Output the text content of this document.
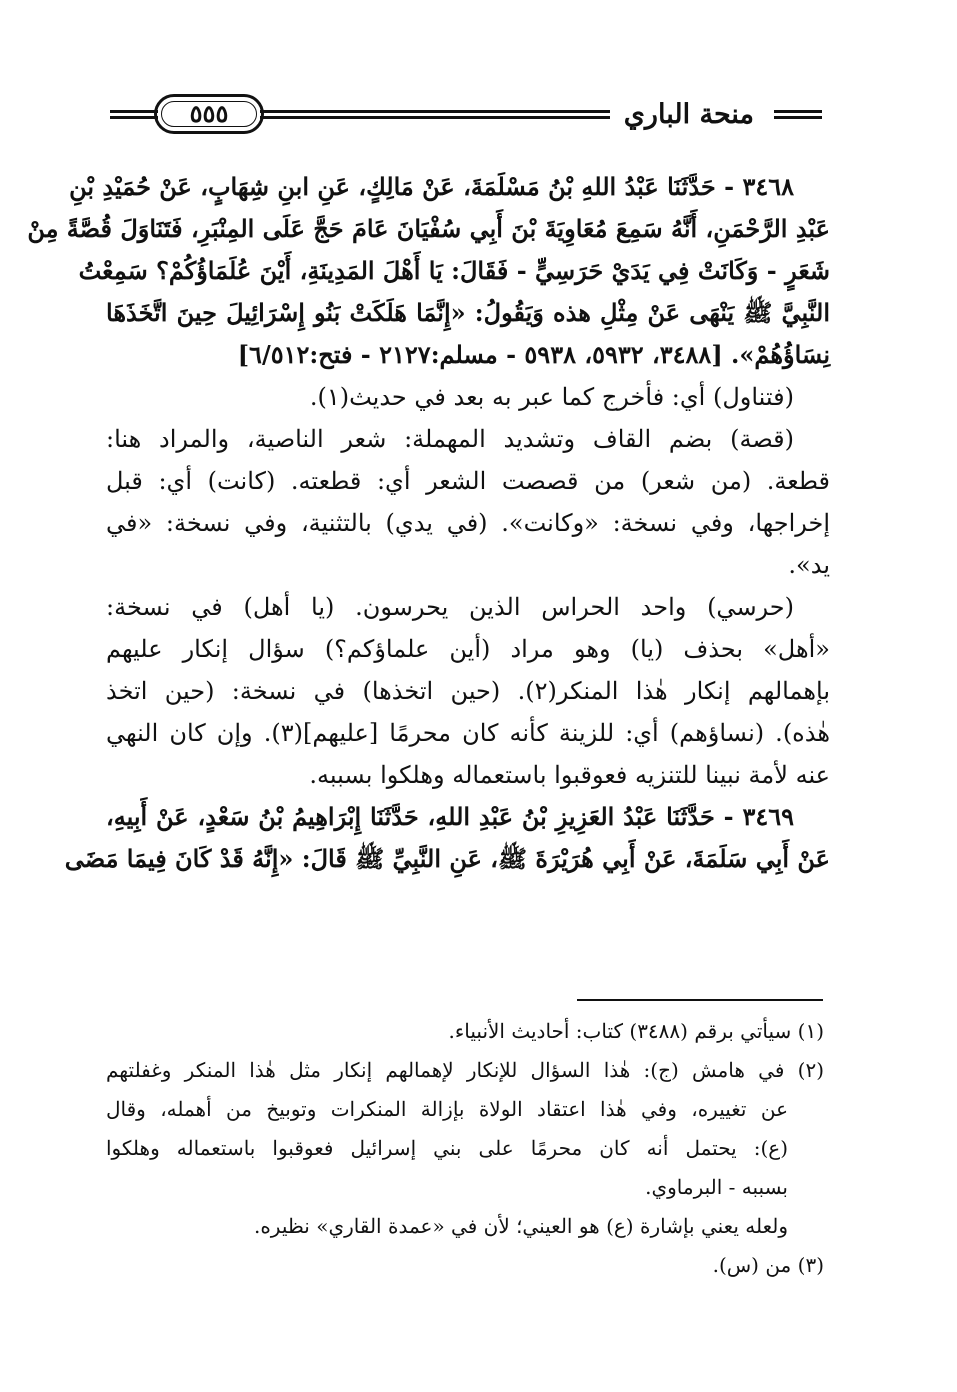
منحة الباري
٥٥٥
٣٤٦٨ - حَدَّثَنَا عَبْدُ اللهِ بْنُ مَسْلَمَةَ، عَنْ مَالِكٍ، عَنِ ابنِ شِهَابٍ، عَنْ حُمَيْدِ بْنِ
عَبْدِ الرَّحْمَنِ، أَنَّهُ سَمِعَ مُعَاوِيَةَ بْنَ أَبِي سُفْيَانَ عَامَ حَجَّ عَلَى المِنْبَرِ، فَتَنَاوَلَ قُصَّةً مِنْ
شَعَرٍ - وَكَانَتْ فِي يَدَيْ حَرَسِيٍّ - فَقَالَ: يَا أَهْلَ المَدِينَةِ، أَيْنَ عُلَمَاؤُكُمْ؟ سَمِعْتُ
النَّبِيَّ ﷺ يَنْهَى عَنْ مِثْلِ هذه وَيَقُولُ: «إِنَّمَا هَلَكَتْ بَنُو إِسْرَائِيلَ حِينَ اتَّخَذَهَا
نِسَاؤُهُمْ». [٣٤٨٨، ٥٩٣٢، ٥٩٣٨ - مسلم:٢١٢٧ - فتح:٦/٥١٢]
(فتناول) أي: فأخرج كما عبر به بعد في حديث(١).
(قصة) بضم القاف وتشديد المهملة: شعر الناصية، والمراد هنا:
قطعة. (من شعر) من قصصت الشعر أي: قطعته. (كانت) أي: قبل
إخراجها، وفي نسخة: «وكانت». (في يدي) بالتثنية، وفي نسخة: «في
يد».
(حرسي) واحد الحراس الذين يحرسون. (يا أهل) في نسخة:
«أهل» بحذف (يا) وهو مراد (أين علماؤكم؟) سؤال إنكار عليهم
بإهمالهم إنكار هٰذا المنكر(٢). (حين اتخذها) في نسخة: (حين اتخذ
هٰذه). (نساؤهم) أي: للزينة كأنه كان محرمًا [عليهم](٣). وإن كان النهي
عنه لأمة نبينا للتنزيه فعوقبوا باستعماله وهلكوا بسببه.
٣٤٦٩ - حَدَّثَنَا عَبْدُ العَزِيزِ بْنُ عَبْدِ اللهِ، حَدَّثَنَا إِبْرَاهِيمُ بْنُ سَعْدٍ، عَنْ أَبِيهِ،
عَنْ أَبِي سَلَمَةَ، عَنْ أَبِي هُرَيْرَةَ ﷺ، عَنِ النَّبِيِّ ﷺ قَالَ: «إِنَّهُ قَدْ كَانَ فِيمَا مَضَى
(١) سيأتي برقم (٣٤٨٨) كتاب: أحاديث الأنبياء.
(٢) في هامش (ج): هٰذا السؤال للإنكار لإهمالهم إنكار مثل هٰذا المنكر وغفلتهم
عن تغييره، وفي هٰذا اعتقاد الولاة بإزالة المنكرات وتوبيخ من أهمله، وقال
(ع): يحتمل أنه كان محرمًا على بني إسرائيل فعوقبوا باستعماله وهلكوا
بسببه - البرماوي.
ولعله يعني بإشارة (ع) هو العيني؛ لأن في «عمدة القاري» نظيره.
(٣) من (س).
